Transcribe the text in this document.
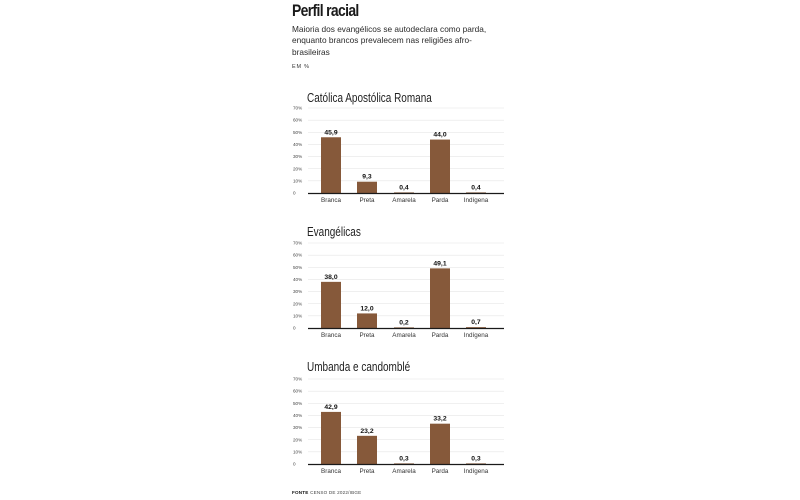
Perfil racial
Maioria dos evangélicos se autodeclara como parda, enquanto brancos prevalecem nas religiões afro-brasileiras
EM %
Católica Apostólica Romana
0
10%
20%
30%
40%
50%
60%
70%
45,9
Branca
9,3
Preta
0,4
Amarela
44,0
Parda
0,4
Indígena
Evangélicas
0
10%
20%
30%
40%
50%
60%
70%
38,0
Branca
12,0
Preta
0,2
Amarela
49,1
Parda
0,7
Indígena
Umbanda e candomblé
0
10%
20%
30%
40%
50%
60%
70%
42,9
Branca
23,2
Preta
0,3
Amarela
33,2
Parda
0,3
Indígena
FONTE CENSO DE 2022/IBGE
